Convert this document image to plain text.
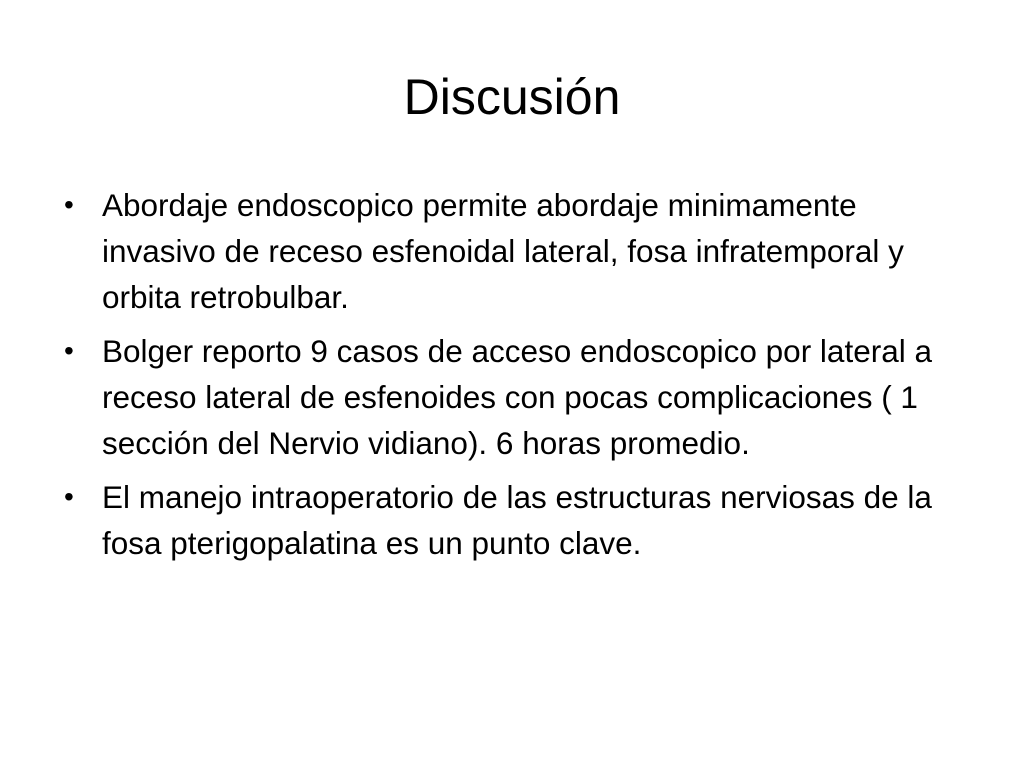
Discusión
• Abordaje endoscopico permite abordaje minimamente invasivo de receso esfenoidal lateral, fosa infratemporal y orbita retrobulbar.
• Bolger reporto 9 casos de acceso endoscopico por lateral a receso lateral de esfenoides con pocas complicaciones ( 1 sección del Nervio vidiano). 6 horas promedio.
• El manejo intraoperatorio de las estructuras nerviosas de la fosa pterigopalatina es un punto clave.
